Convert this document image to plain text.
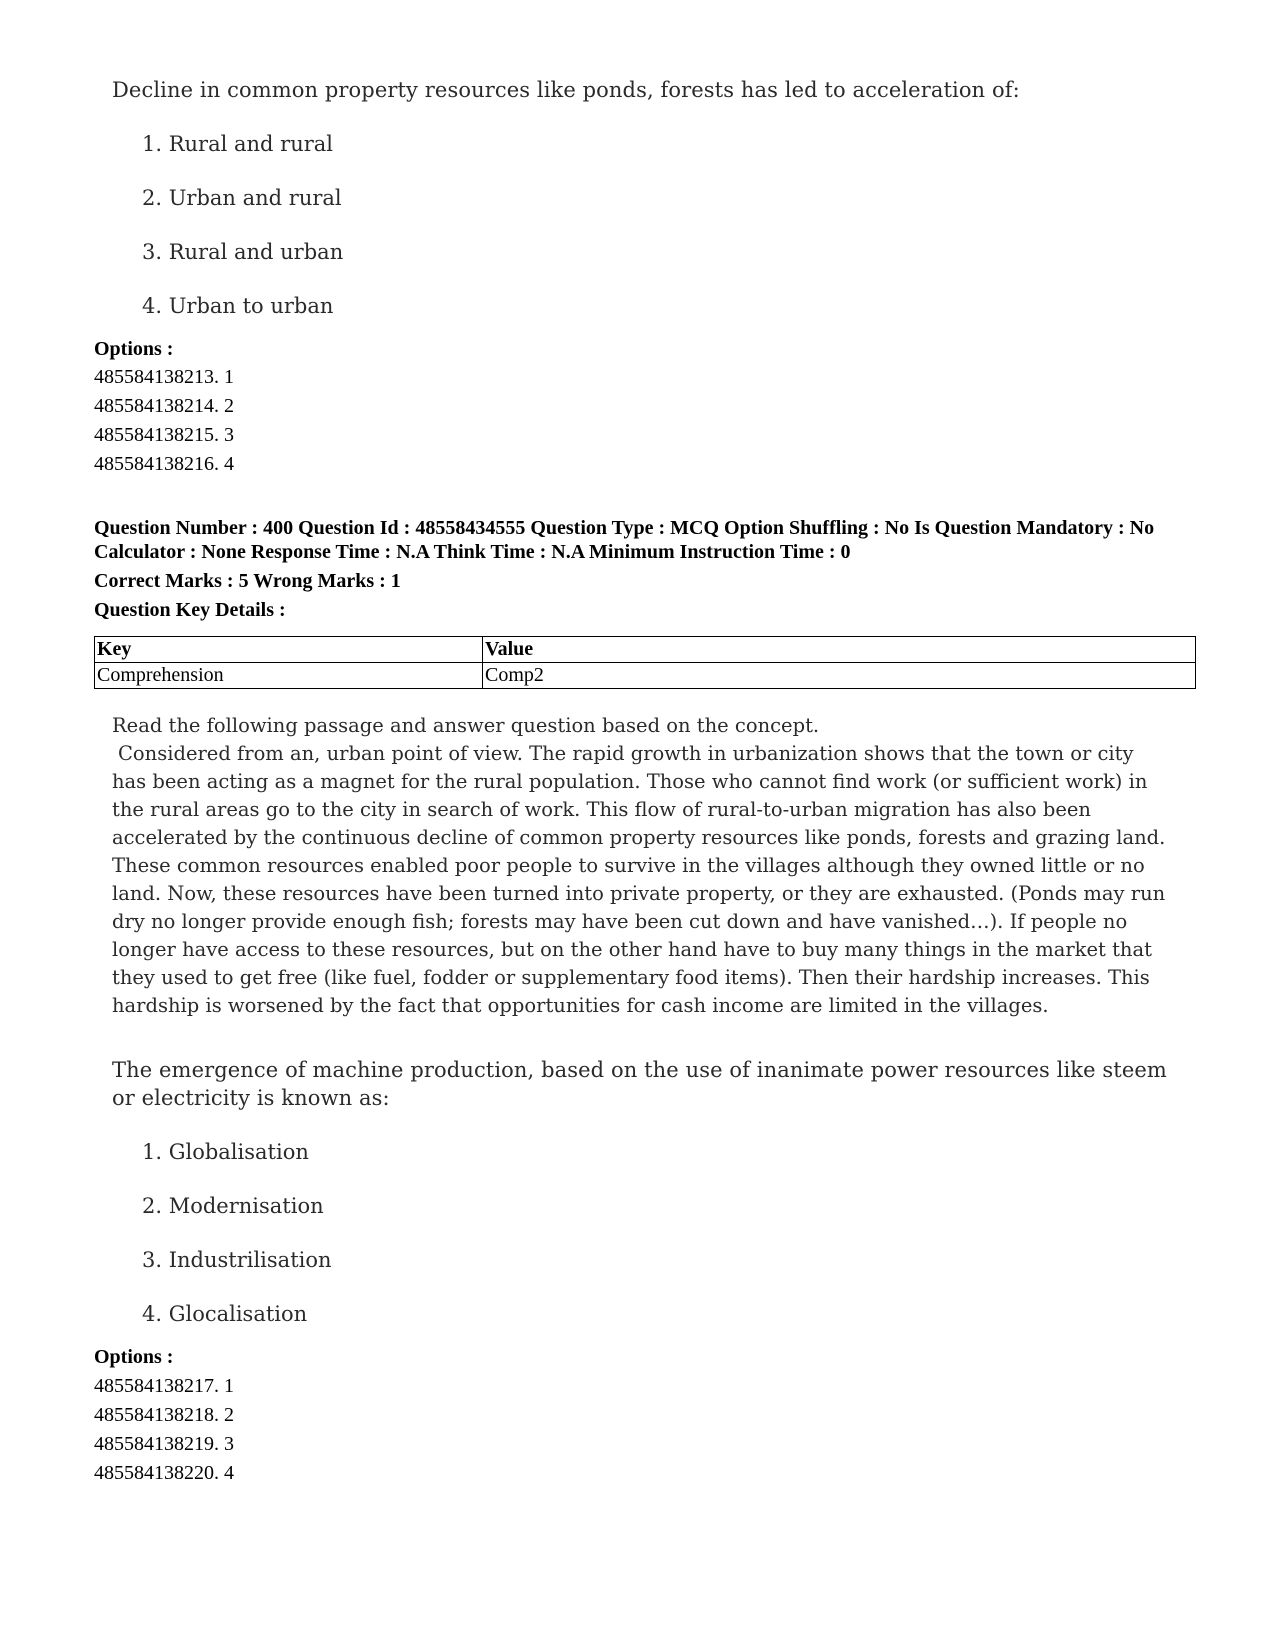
Decline in common property resources like ponds, forests has led to acceleration of:

1. Rural and rural
2. Urban and rural
3. Rural and urban
4. Urban to urban
Options :
485584138213. 1
485584138214. 2
485584138215. 3
485584138216. 4
Question Number : 400 Question Id : 48558434555 Question Type : MCQ Option Shuffling : No Is Question Mandatory : No Calculator : None Response Time : N.A Think Time : N.A Minimum Instruction Time : 0
Correct Marks : 5 Wrong Marks : 1
Question Key Details :
Key	Value
Comprehension	Comp2

Read the following passage and answer question based on the concept.

Considered from an, urban point of view. The rapid growth in urbanization shows that the town or city has been acting as a magnet for the rural population. Those who cannot find work (or sufficient work) in the rural areas go to the city in search of work. This flow of rural-to-urban migration has also been accelerated by the continuous decline of common property resources like ponds, forests and grazing land. These common resources enabled poor people to survive in the villages although they owned little or no land. Now, these resources have been turned into private property, or they are exhausted. (Ponds may run dry no longer provide enough fish; forests may have been cut down and have vanished…). If people no longer have access to these resources, but on the other hand have to buy many things in the market that they used to get free (like fuel, fodder or supplementary food items). Then their hardship increases. This hardship is worsened by the fact that opportunities for cash income are limited in the villages.

The emergence of machine production, based on the use of inanimate power resources like steem or electricity is known as:

1. Globalisation
2. Modernisation
3. Industrilisation
4. Glocalisation
Options :
485584138217. 1
485584138218. 2
485584138219. 3
485584138220. 4
